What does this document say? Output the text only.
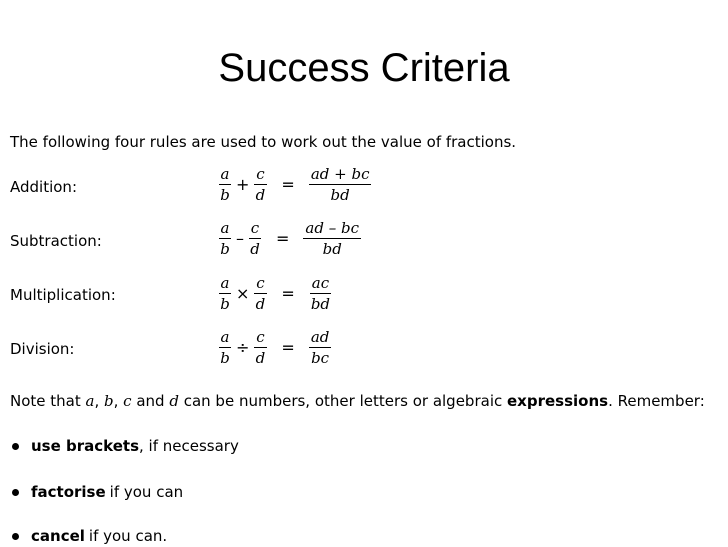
Success Criteria
The following four rules are used to work out the value of fractions.
Addition:	$\frac{a}{b} + \frac{c}{d} = \frac{ad + bc}{bd}$
Subtraction:	$\frac{a}{b} - \frac{c}{d} = \frac{ad - bc}{bd}$
Multiplication:	$\frac{a}{b} \times \frac{c}{d} = \frac{ac}{bd}$
Division:	$\frac{a}{b} \div \frac{c}{d} = \frac{ad}{bc}$
Note that a, b, c and d can be numbers, other letters or algebraic expressions. Remember:
use brackets , if necessary
factorise if you can
cancel if you can.
